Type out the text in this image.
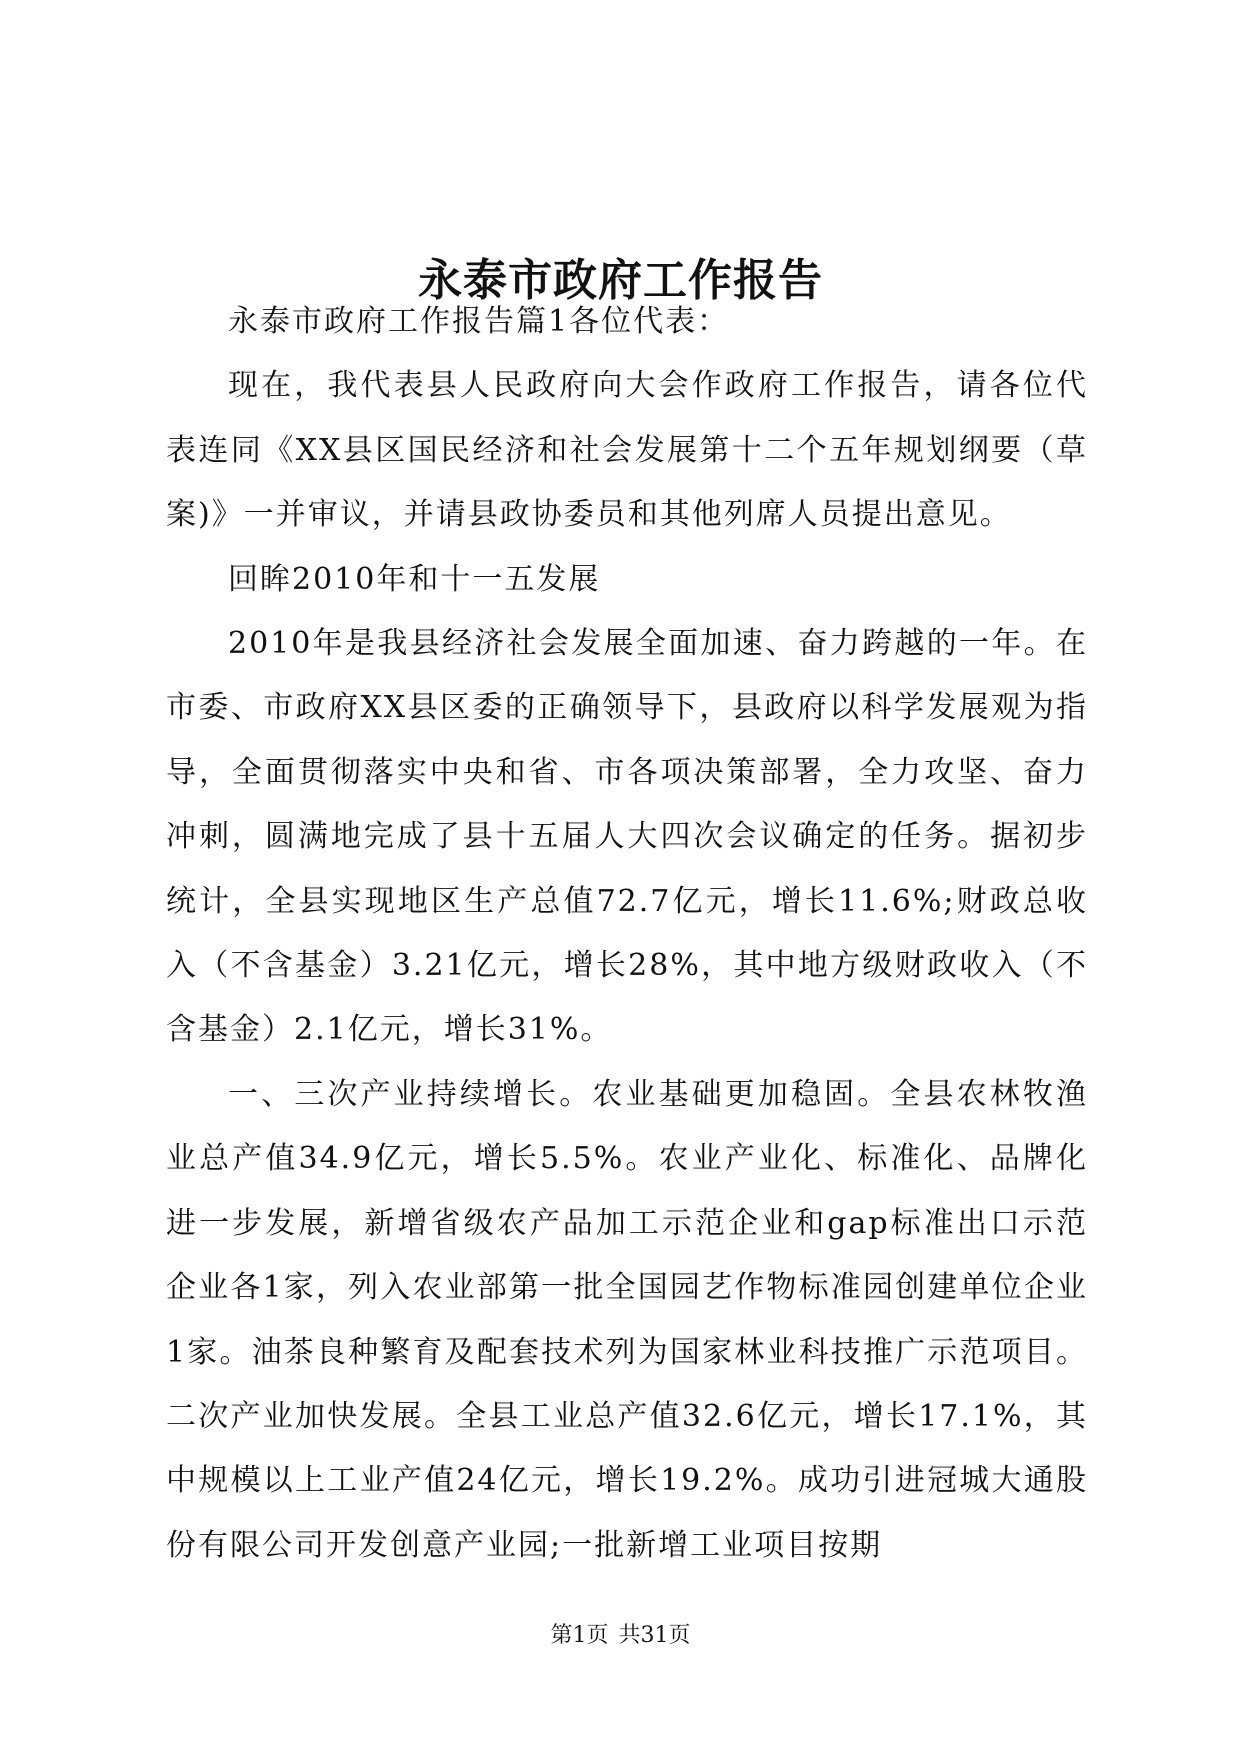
永泰市政府工作报告

永泰市政府工作报告篇1各位代表：

现在，我代表县人民政府向大会作政府工作报告，请各位代表连同《XX县区国民经济和社会发展第十二个五年规划纲要（草案)》一并审议，并请县政协委员和其他列席人员提出意见。

回眸2010年和十一五发展

2010年是我县经济社会发展全面加速、奋力跨越的一年。在市委、市政府XX县区委的正确领导下，县政府以科学发展观为指导，全面贯彻落实中央和省、市各项决策部署，全力攻坚、奋力冲刺，圆满地完成了县十五届人大四次会议确定的任务。据初步统计，全县实现地区生产总值72.7亿元，增长11.6%;财政总收入（不含基金）3.21亿元，增长28%，其中地方级财政收入（不含基金）2.1亿元，增长31%。

一、三次产业持续增长。农业基础更加稳固。全县农林牧渔业总产值34.9亿元，增长5.5%。农业产业化、标准化、品牌化进一步发展，新增省级农产品加工示范企业和gap标准出口示范企业各1家，列入农业部第一批全国园艺作物标准园创建单位企业1家。油茶良种繁育及配套技术列为国家林业科技推广示范项目。二次产业加快发展。全县工业总产值32.6亿元，增长17.1%，其中规模以上工业产值24亿元，增长19.2%。成功引进冠城大通股份有限公司开发创意产业园;一批新增工业项目按期

第1页 共31页
